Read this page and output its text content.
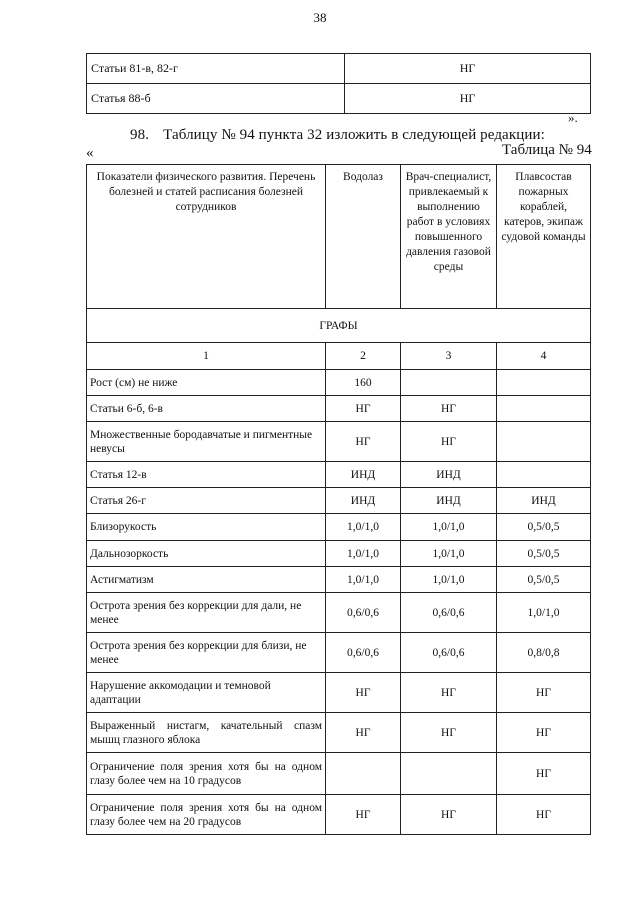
38
Статьи 81-в, 82-г	НГ
Статья 88-б	НГ
».
98. Таблицу № 94 пункта 32 изложить в следующей редакции:
«	Таблица № 94
Показатели физического развития. Перечень болезней и статей расписания болезней сотрудников	Водолаз	Врач-специалист, привлекаемый к выполнению работ в условиях повышенного давления газовой среды	Плавсостав пожарных кораблей, катеров, экипаж судовой команды
ГРАФЫ			
1	2	3	4
Рост (см) не ниже	160		
Статьи 6-б, 6-в	НГ	НГ	
Множественные бородавчатые и пигментные невусы	НГ	НГ	
Статья 12-в	ИНД	ИНД	
Статья 26-г	ИНД	ИНД	ИНД
Близорукость	1,0/1,0	1,0/1,0	0,5/0,5
Дальнозоркость	1,0/1,0	1,0/1,0	0,5/0,5
Астигматизм	1,0/1,0	1,0/1,0	0,5/0,5
Острота зрения без коррекции для дали, не менее	0,6/0,6	0,6/0,6	1,0/1,0
Острота зрения без коррекции для близи, не менее	0,6/0,6	0,6/0,6	0,8/0,8
Нарушение аккомодации и темновой адаптации	НГ	НГ	НГ
Выраженный нистагм, качательный спазм мышц глазного яблока	НГ	НГ	НГ
Ограничение поля зрения хотя бы на одном глазу более чем на 10 градусов			НГ
Ограничение поля зрения хотя бы на одном глазу более чем на 20 градусов	НГ	НГ	НГ
